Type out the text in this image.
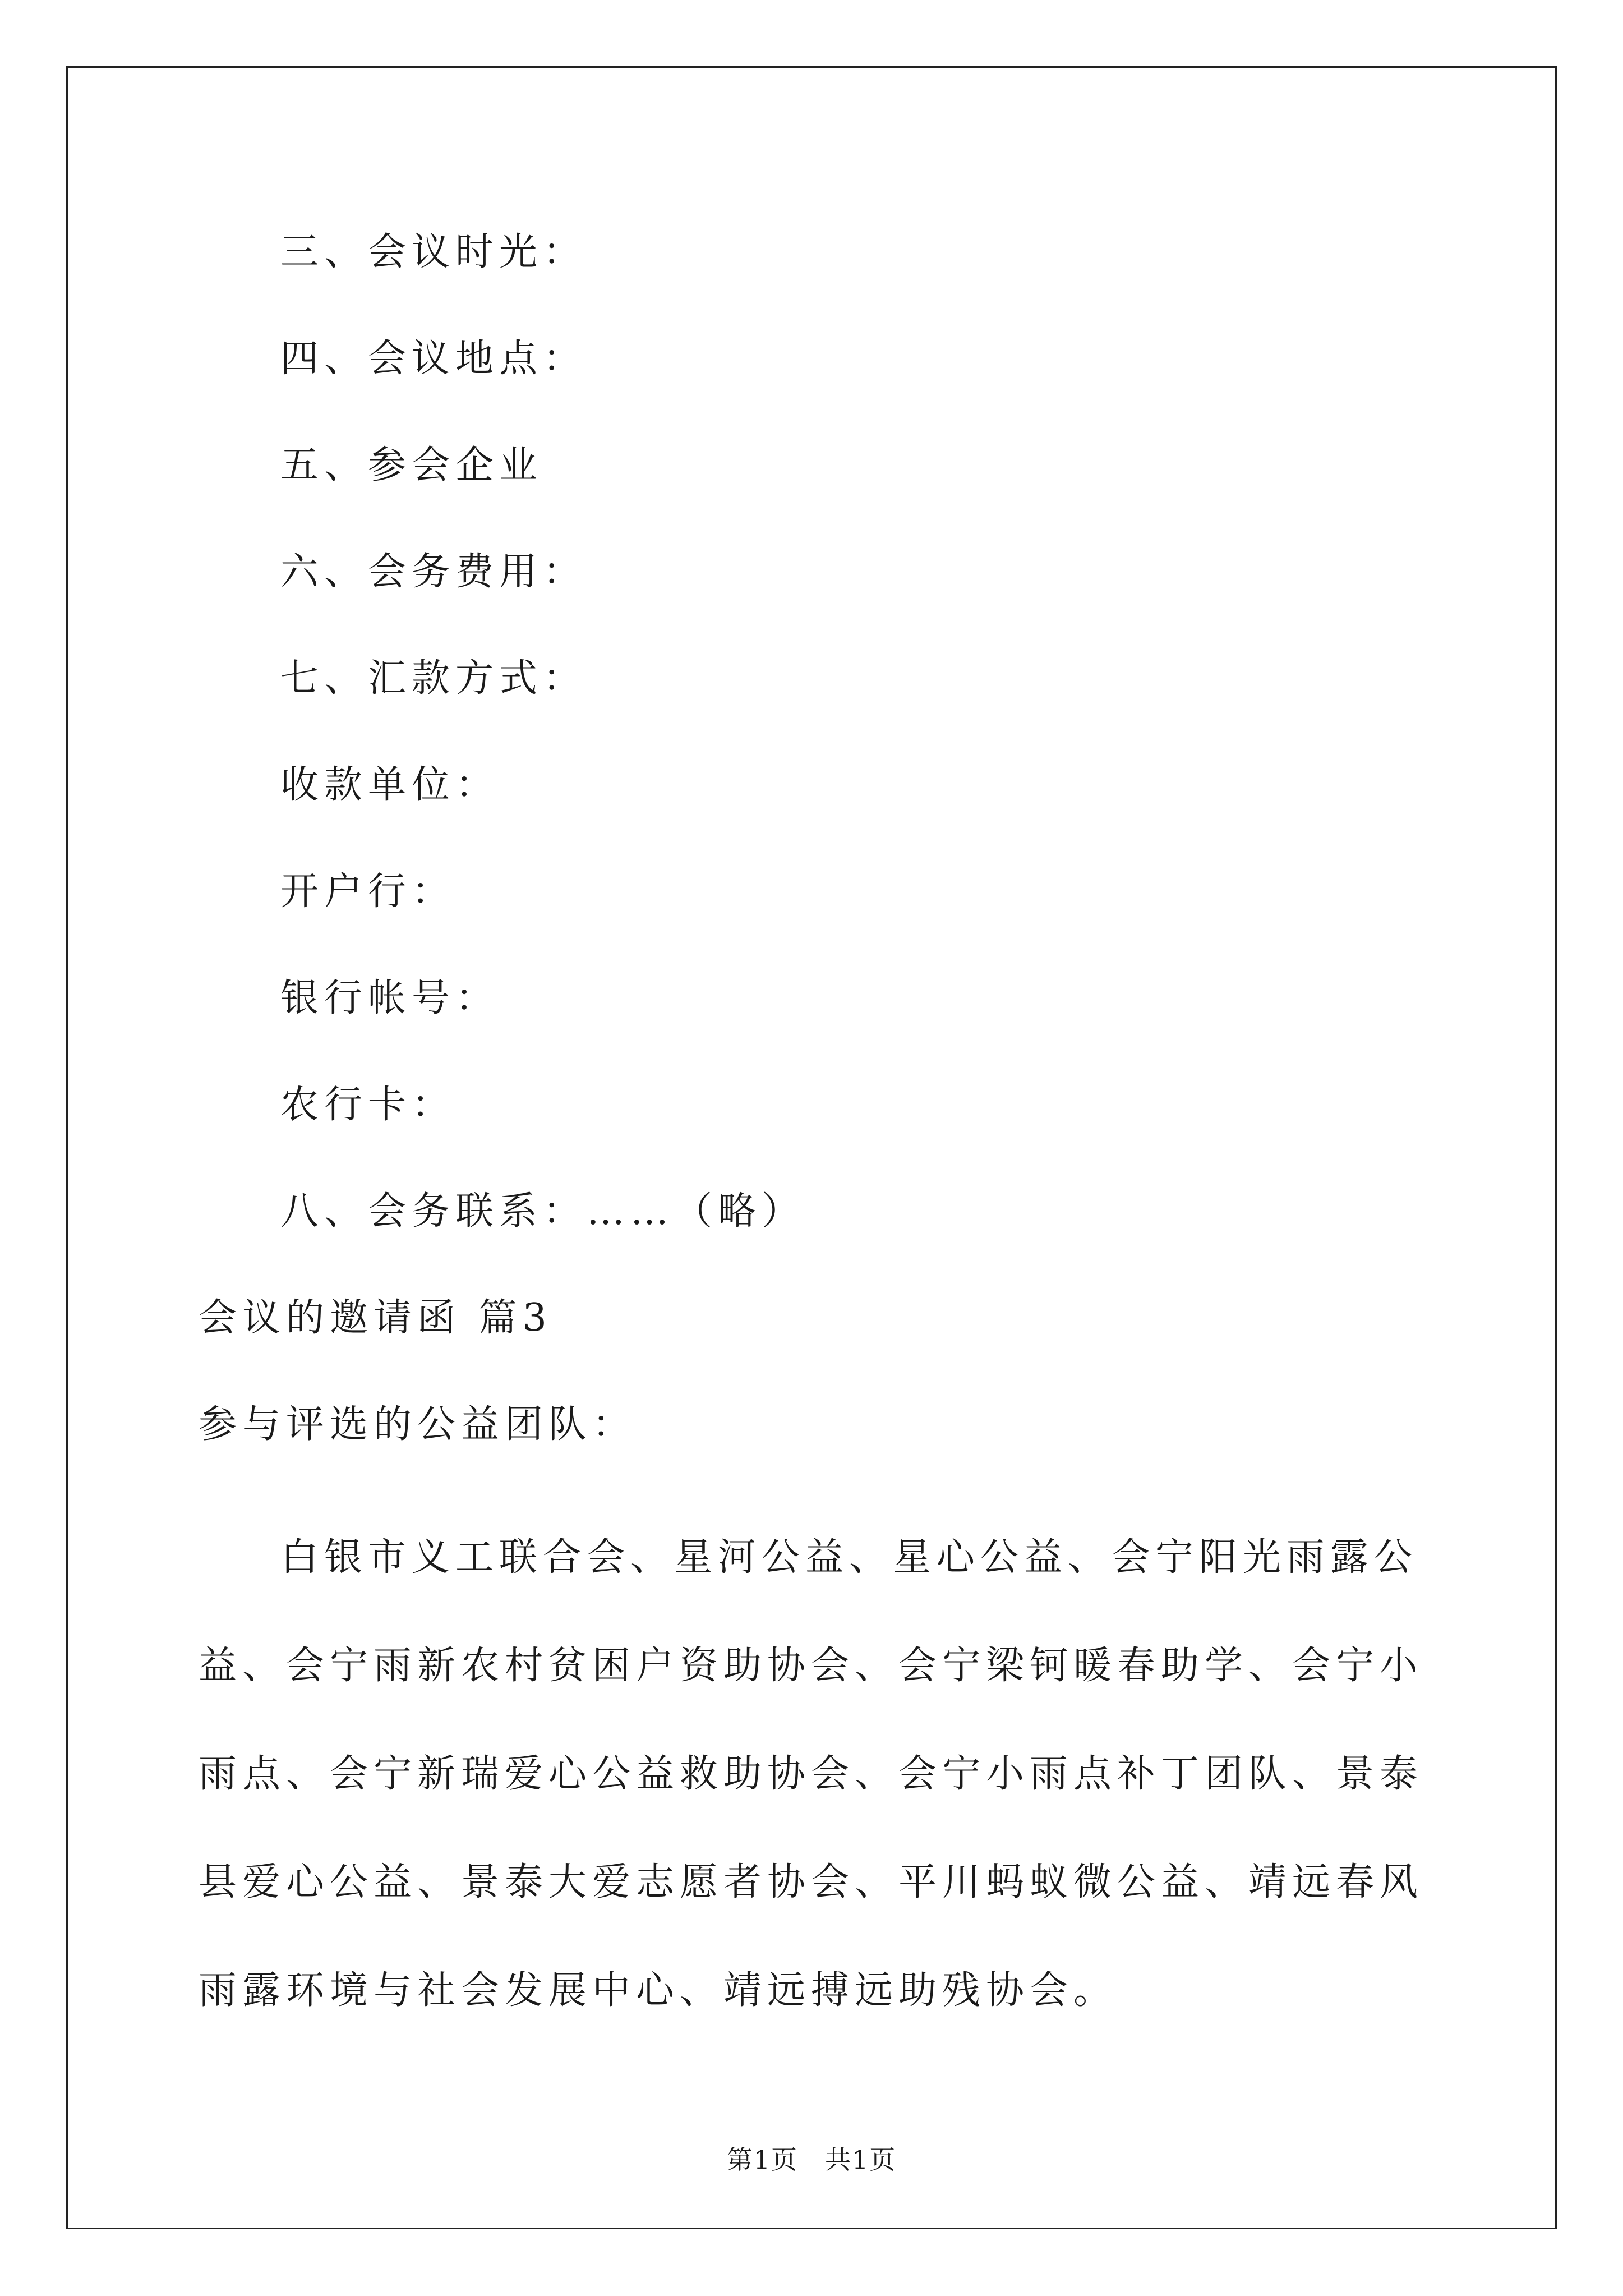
三、会议时光：
四、会议地点：
五、参会企业
六、会务费用：
七、汇款方式：
收款单位：
开户行：
银行帐号：
农行卡：
八、会务联系：……（略）
会议的邀请函 篇3
参与评选的公益团队：
白银市义工联合会、星河公益、星心公益、会宁阳光雨露公益、会宁雨新农村贫困户资助协会、会宁梁钶暖春助学、会宁小雨点、会宁新瑞爱心公益救助协会、会宁小雨点补丁团队、景泰县爱心公益、景泰大爱志愿者协会、平川蚂蚁微公益、靖远春风雨露环境与社会发展中心、靖远搏远助残协会。
第1页　共1页
